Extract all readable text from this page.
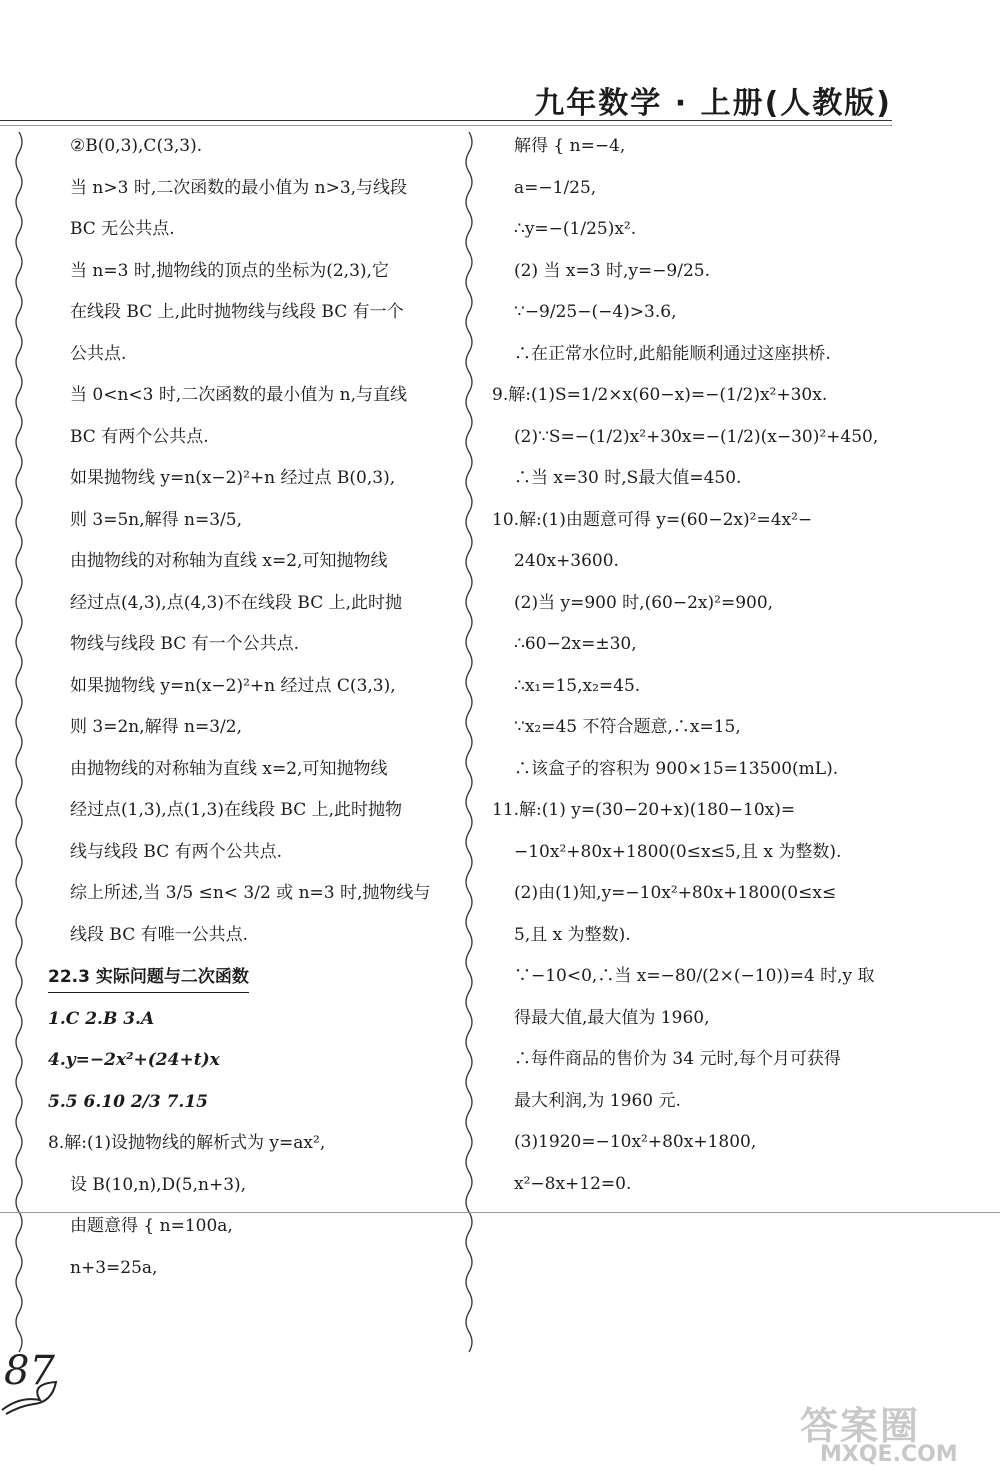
九年数学 · 上册(人教版)

②B(0,3),C(3,3).

当 n>3 时,二次函数的最小值为 n>3,与线段

BC 无公共点.

当 n=3 时,抛物线的顶点的坐标为(2,3),它

在线段 BC 上,此时抛物线与线段 BC 有一个

公共点.

当 0<n<3 时,二次函数的最小值为 n,与直线

BC 有两个公共点.

如果抛物线 y=n(x−2)²+n 经过点 B(0,3),

则 3=5n,解得 n=3/5,

由抛物线的对称轴为直线 x=2,可知抛物线

经过点(4,3),点(4,3)不在线段 BC 上,此时抛

物线与线段 BC 有一个公共点.

如果抛物线 y=n(x−2)²+n 经过点 C(3,3),

则 3=2n,解得 n=3/2,

由抛物线的对称轴为直线 x=2,可知抛物线

经过点(1,3),点(1,3)在线段 BC 上,此时抛物

线与线段 BC 有两个公共点.

综上所述,当 3/5 ≤n< 3/2 或 n=3 时,抛物线与

线段 BC 有唯一公共点.

22.3 实际问题与二次函数

1.C 2.B 3.A

4.y=−2x²+(24+t)x

5.5 6.10 2/3 7.15

8.解:(1)设抛物线的解析式为 y=ax²,

设 B(10,n),D(5,n+3),

由题意得 { n=100a,

n+3=25a,

解得 { n=−4,

a=−1/25,

∴y=−(1/25)x².

(2) 当 x=3 时,y=−9/25.

∵−9/25−(−4)>3.6,

∴在正常水位时,此船能顺利通过这座拱桥.

9.解:(1)S=1/2×x(60−x)=−(1/2)x²+30x.

(2)∵S=−(1/2)x²+30x=−(1/2)(x−30)²+450,

∴当 x=30 时,S最大值=450.

10.解:(1)由题意可得 y=(60−2x)²=4x²−

240x+3600.

(2)当 y=900 时,(60−2x)²=900,

∴60−2x=±30,

∴x₁=15,x₂=45.

∵x₂=45 不符合题意,∴x=15,

∴该盒子的容积为 900×15=13500(mL).

11.解:(1) y=(30−20+x)(180−10x)=

−10x²+80x+1800(0≤x≤5,且 x 为整数).

(2)由(1)知,y=−10x²+80x+1800(0≤x≤

5,且 x 为整数).

∵−10<0,∴当 x=−80/(2×(−10))=4 时,y 取

得最大值,最大值为 1960,

∴每件商品的售价为 34 元时,每个月可获得

最大利润,为 1960 元.

(3)1920=−10x²+80x+1800,

x²−8x+12=0.

87
答案圈
MXQE.COM
